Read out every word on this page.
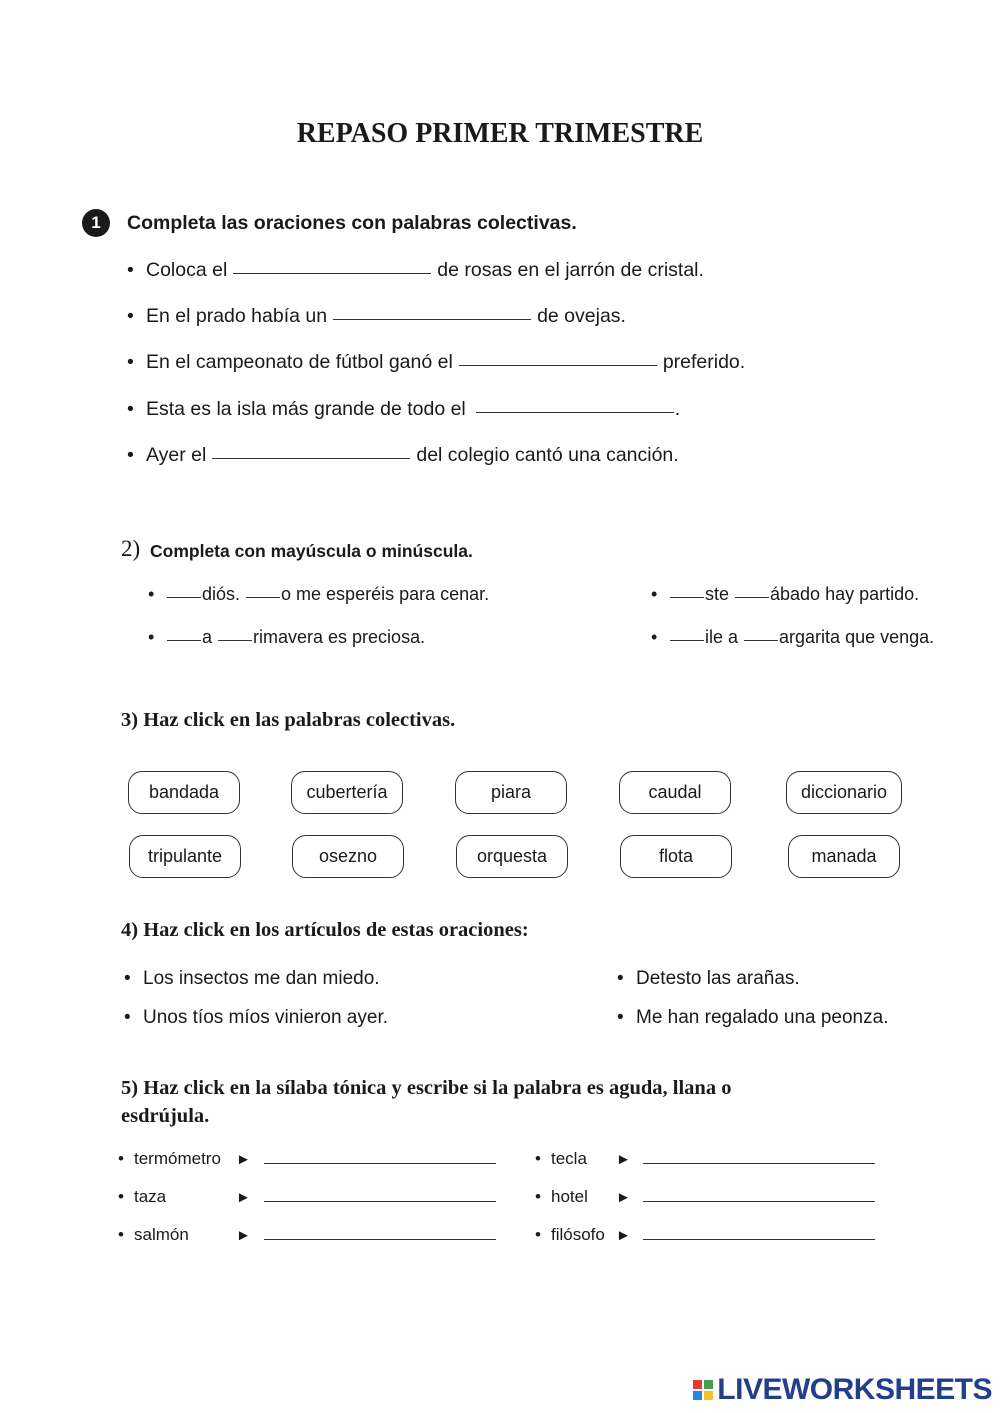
REPASO PRIMER TRIMESTRE
1	Completa las oraciones con palabras colectivas.
• Coloca el	de rosas en el jarrón de cristal.
• En el prado había un	de ovejas.
• En el campeonato de fútbol ganó el	preferido.
• Esta es la isla más grande de todo el	.
• Ayer el	del colegio cantó una canción.
2) Completa con mayúscula o minúscula.
•	diós. o me esperéis para cenar.
•	a rimavera es preciosa.
•	ste ábado hay partido.
•	ile a argarita que venga.
3) Haz click en las palabras colectivas.
bandada	cubertería	piara	caudal	diccionario
tripulante	osezno	orquesta	flota	manada
4) Haz click en los artículos de estas oraciones:
• Los insectos me dan miedo.
• Unos tíos míos vinieron ayer.
• Detesto las arañas.
• Me han regalado una peonza.
5) Haz click en la sílaba tónica y escribe si la palabra es aguda, llana o
esdrújula.
• termómetro ►
• taza	►
• salmón	►
• tecla ►
• hotel ►
• filósofo ►
LIVEWORKSHEETS
